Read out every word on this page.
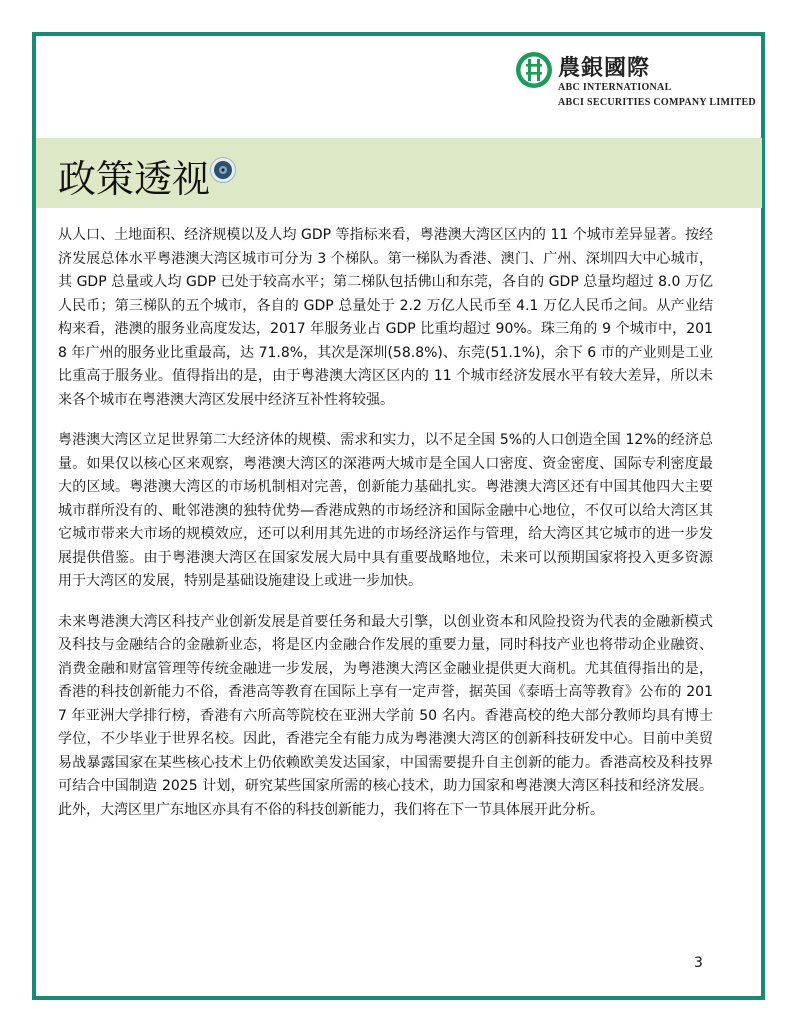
農銀國際
ABC INTERNATIONAL
ABCI SECURITIES COMPANY LIMITED
政策透视

从人口、土地面积、经济规模以及人均 GDP 等指标来看，粤港澳大湾区区内的 11 个城市差异显著。按经济发展总体水平粤港澳大湾区城市可分为 3 个梯队。第一梯队为香港、澳门、广州、深圳四大中心城市，其 GDP 总量或人均 GDP 已处于较高水平；第二梯队包括佛山和东莞，各自的 GDP 总量均超过 8.0 万亿人民币；第三梯队的五个城市，各自的 GDP 总量处于 2.2 万亿人民币至 4.1 万亿人民币之间。从产业结构来看，港澳的服务业高度发达，2017 年服务业占 GDP 比重均超过 90%。珠三角的 9 个城市中，2018 年广州的服务业比重最高，达 71.8%，其次是深圳(58.8%)、东莞(51.1%)，余下 6 市的产业则是工业比重高于服务业。值得指出的是，由于粤港澳大湾区区内的 11 个城市经济发展水平有较大差异，所以未来各个城市在粤港澳大湾区发展中经济互补性将较强。

粤港澳大湾区立足世界第二大经济体的规模、需求和实力，以不足全国 5%的人口创造全国 12%的经济总量。如果仅以核心区来观察，粤港澳大湾区的深港两大城市是全国人口密度、资金密度、国际专利密度最大的区域。粤港澳大湾区的市场机制相对完善，创新能力基础扎实。粤港澳大湾区还有中国其他四大主要城市群所没有的、毗邻港澳的独特优势—香港成熟的市场经济和国际金融中心地位，不仅可以给大湾区其它城市带来大市场的规模效应，还可以利用其先进的市场经济运作与管理，给大湾区其它城市的进一步发展提供借鉴。由于粤港澳大湾区在国家发展大局中具有重要战略地位，未来可以预期国家将投入更多资源用于大湾区的发展，特别是基础设施建设上或进一步加快。

未来粤港澳大湾区科技产业创新发展是首要任务和最大引擎，以创业资本和风险投资为代表的金融新模式及科技与金融结合的金融新业态，将是区内金融合作发展的重要力量，同时科技产业也将带动企业融资、消费金融和财富管理等传统金融进一步发展，为粤港澳大湾区金融业提供更大商机。尤其值得指出的是，香港的科技创新能力不俗，香港高等教育在国际上享有一定声誉，据英国《泰晤士高等教育》公布的 2017 年亚洲大学排行榜，香港有六所高等院校在亚洲大学前 50 名内。香港高校的绝大部分教师均具有博士学位，不少毕业于世界名校。因此，香港完全有能力成为粤港澳大湾区的创新科技研发中心。目前中美贸易战暴露国家在某些核心技术上仍依赖欧美发达国家，中国需要提升自主创新的能力。香港高校及科技界可结合中国制造 2025 计划，研究某些国家所需的核心技术，助力国家和粤港澳大湾区科技和经济发展。此外，大湾区里广东地区亦具有不俗的科技创新能力，我们将在下一节具体展开此分析。

3
